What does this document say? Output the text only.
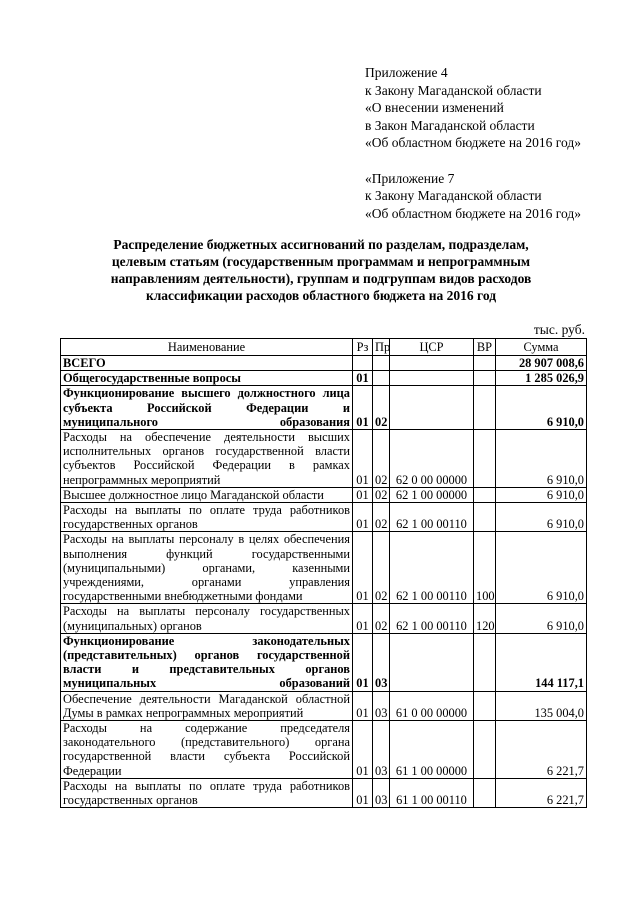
Приложение 4
к Закону Магаданской области
«О внесении изменений
в Закон Магаданской области
«Об областном бюджете на 2016 год»
«Приложение 7
к Закону Магаданской области
«Об областном бюджете на 2016 год»
Распределение бюджетных ассигнований по разделам, подразделам, целевым статьям (государственным программам и непрограммным направлениям деятельности), группам и подгруппам видов расходов классификации расходов областного бюджета на 2016 год
тыс. руб.
Наименование	Рз	Пр	ЦСР	ВР	Сумма
ВСЕГО					28 907 008,6
Общегосударственные вопросы	01				1 285 026,9
Функционирование высшего должностного лица субъекта Российской Федерации и муниципального образования	01	02			6 910,0
Расходы на обеспечение деятельности высших исполнительных органов государственной власти субъектов Российской Федерации в рамках непрограммных мероприятий	01	02	62 0 00 00000		6 910,0
Высшее должностное лицо Магаданской области	01	02	62 1 00 00000		6 910,0
Расходы на выплаты по оплате труда работников государственных органов	01	02	62 1 00 00110		6 910,0
Расходы на выплаты персоналу в целях обеспечения выполнения функций государственными (муниципальными) органами, казенными учреждениями, органами управления государственными внебюджетными фондами	01	02	62 1 00 00110	100	6 910,0
Расходы на выплаты персоналу государственных (муниципальных) органов	01	02	62 1 00 00110	120	6 910,0
Функционирование законодательных (представительных) органов государственной власти и представительных органов муниципальных образований	01	03			144 117,1
Обеспечение деятельности Магаданской областной Думы в рамках непрограммных мероприятий	01	03	61 0 00 00000		135 004,0
Расходы на содержание председателя законодательного (представительного) органа государственной власти субъекта Российской Федерации	01	03	61 1 00 00000		6 221,7
Расходы на выплаты по оплате труда работников государственных органов	01	03	61 1 00 00110		6 221,7
